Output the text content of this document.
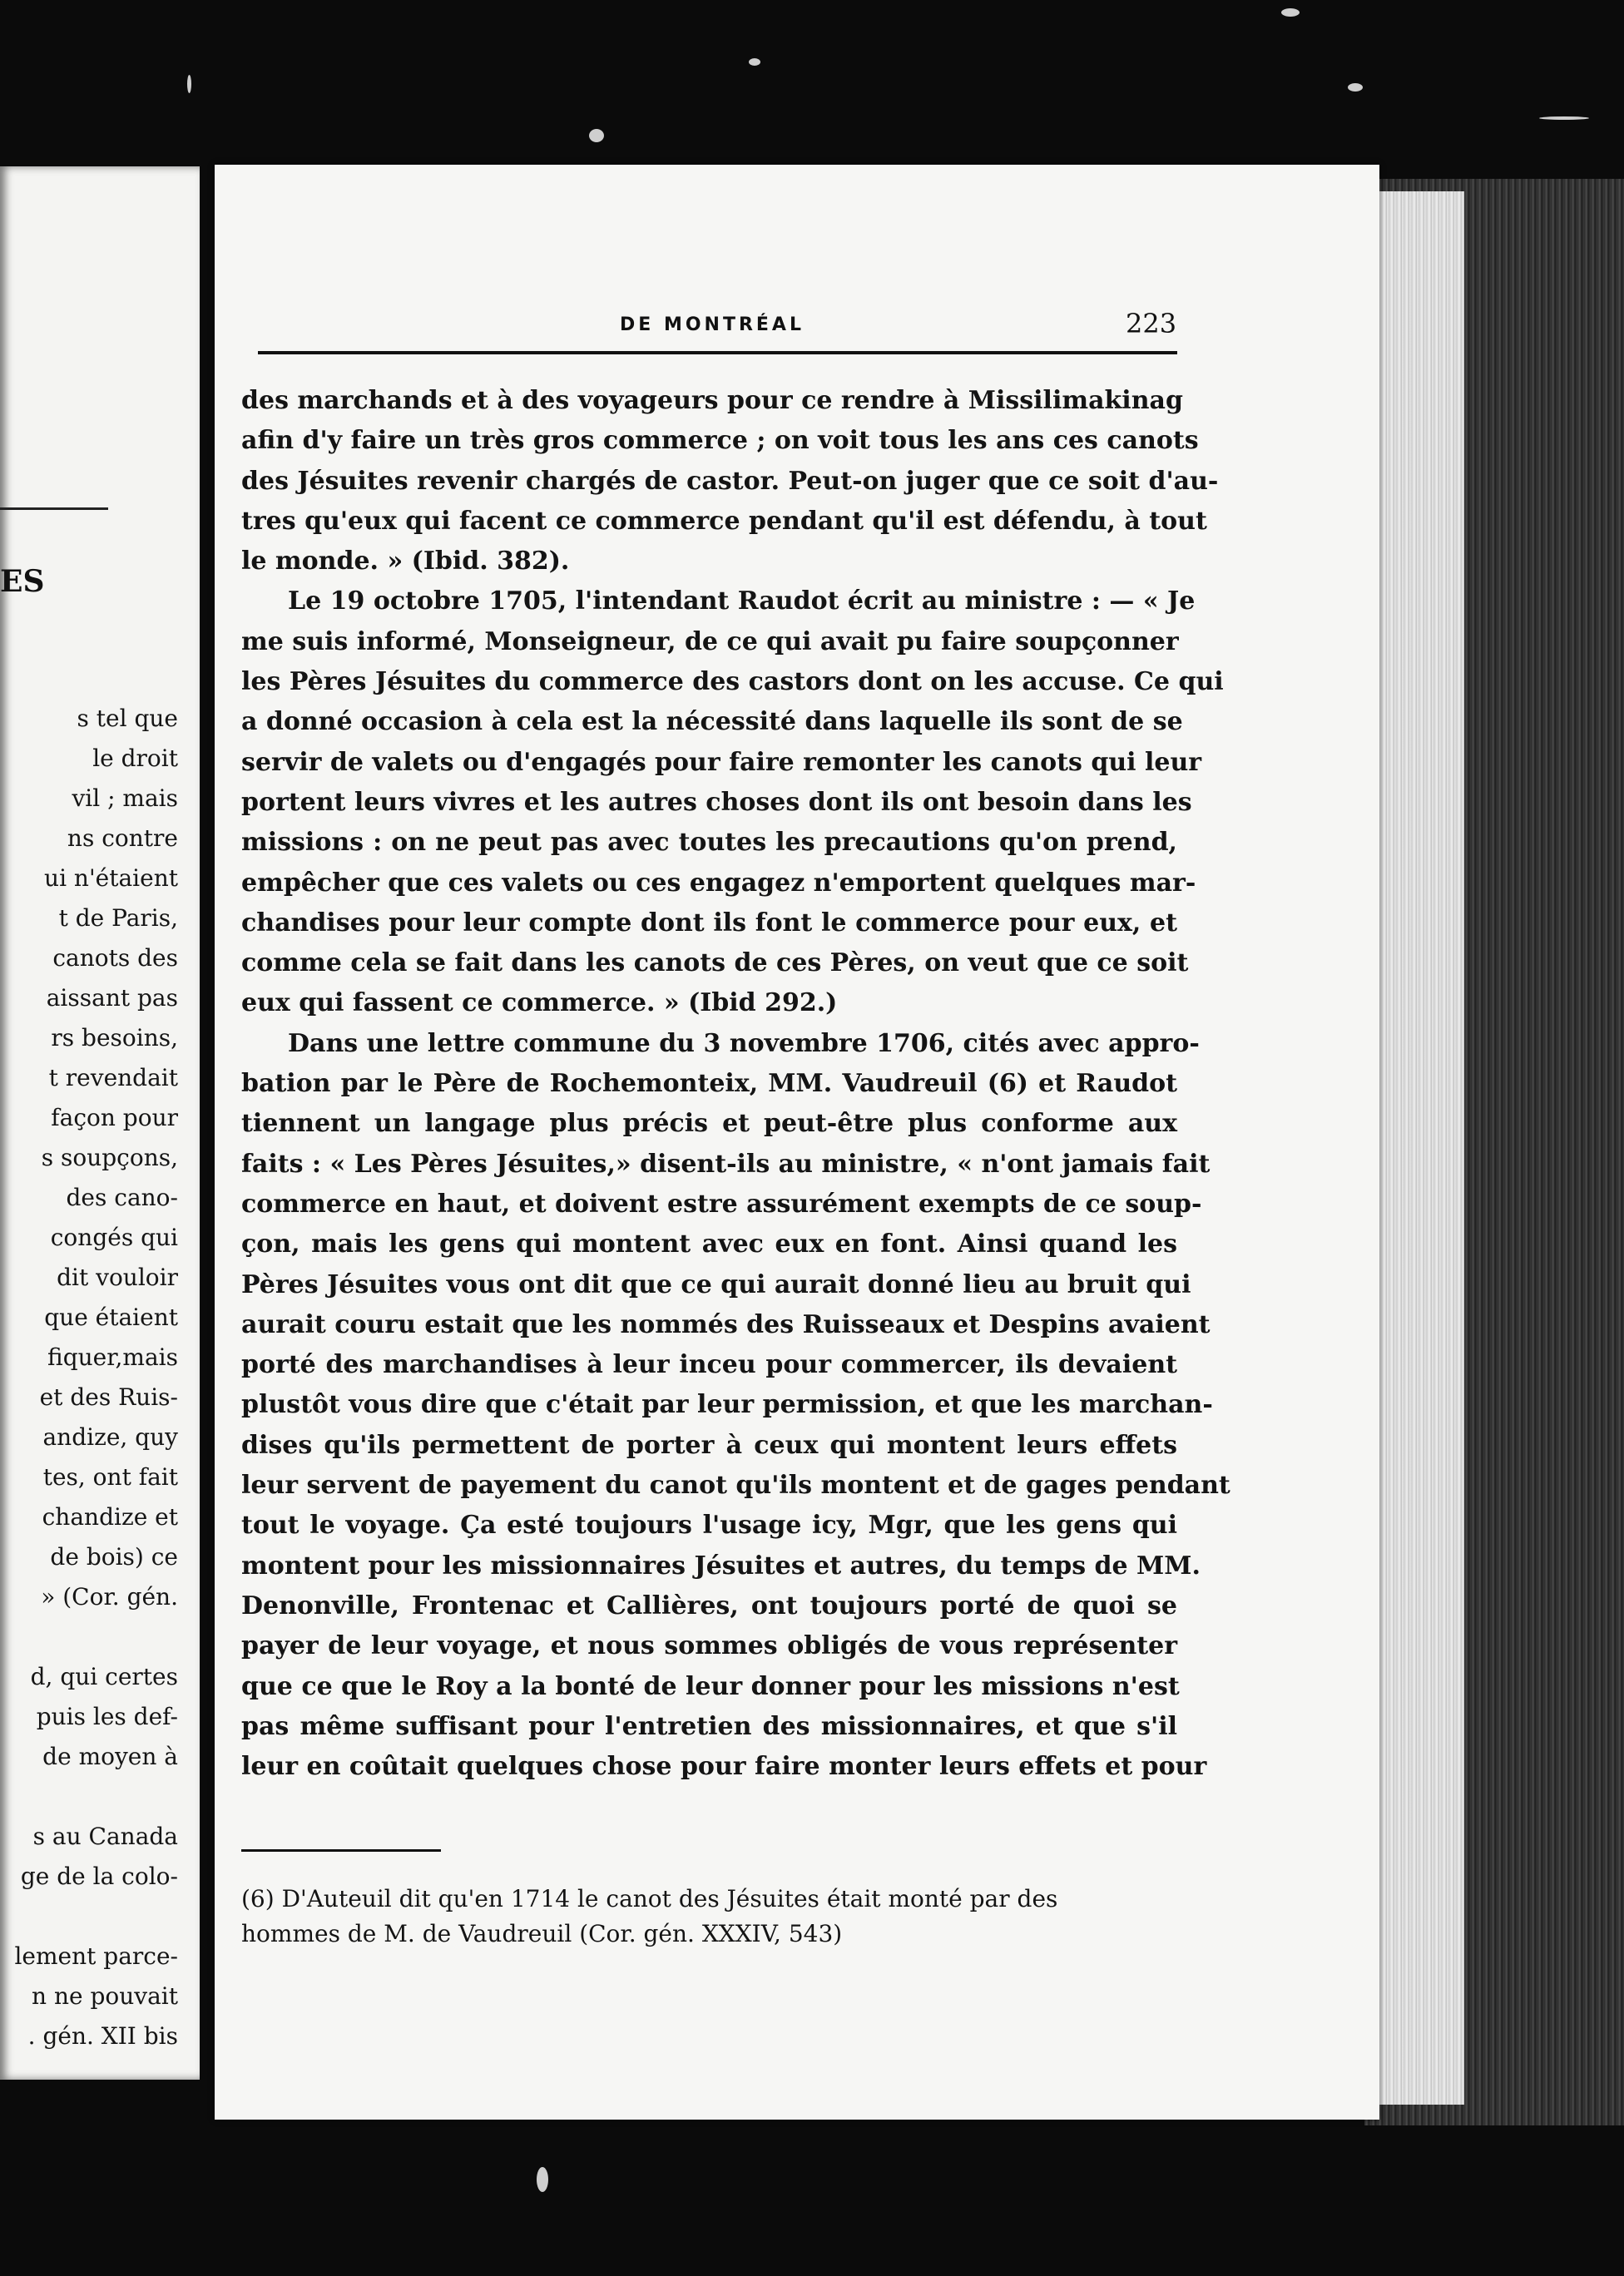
ES
s tel que
le droit
vil ; mais
ns contre
ui n'étaient
t de Paris,
canots des
aissant pas
rs besoins,
t revendait
façon pour
s soupçons,
des cano-
congés qui
dit vouloir
que étaient
fiquer,mais
et des Ruis-
andize, quy
tes, ont fait
chandize et
de bois) ce
» (Cor. gén.
d, qui certes
puis les def-
de moyen à
s au Canada
ge de la colo-
lement parce-
n ne pouvait
. gén. XII bis
DE MONTRÉAL	223
des marchands et à des voyageurs pour ce rendre à Missilimakinag
afin d'y faire un très gros commerce ; on voit tous les ans ces canots
des Jésuites revenir chargés de castor. Peut-on juger que ce soit d'au-
tres qu'eux qui facent ce commerce pendant qu'il est défendu, à tout
le monde. » (Ibid. 382).
Le 19 octobre 1705, l'intendant Raudot écrit au ministre : — « Je
me suis informé, Monseigneur, de ce qui avait pu faire soupçonner
les Pères Jésuites du commerce des castors dont on les accuse. Ce qui
a donné occasion à cela est la nécessité dans laquelle ils sont de se
servir de valets ou d'engagés pour faire remonter les canots qui leur
portent leurs vivres et les autres choses dont ils ont besoin dans les
missions : on ne peut pas avec toutes les precautions qu'on prend,
empêcher que ces valets ou ces engagez n'emportent quelques mar-
chandises pour leur compte dont ils font le commerce pour eux, et
comme cela se fait dans les canots de ces Pères, on veut que ce soit
eux qui fassent ce commerce. » (Ibid 292.)
Dans une lettre commune du 3 novembre 1706, cités avec appro-
bation par le Père de Rochemonteix, MM. Vaudreuil (6) et Raudot
tiennent un langage plus précis et peut-être plus conforme aux
faits : « Les Pères Jésuites,» disent-ils au ministre, « n'ont jamais fait
commerce en haut, et doivent estre assurément exempts de ce soup-
çon, mais les gens qui montent avec eux en font. Ainsi quand les
Pères Jésuites vous ont dit que ce qui aurait donné lieu au bruit qui
aurait couru estait que les nommés des Ruisseaux et Despins avaient
porté des marchandises à leur inceu pour commercer, ils devaient
plustôt vous dire que c'était par leur permission, et que les marchan-
dises qu'ils permettent de porter à ceux qui montent leurs effets
leur servent de payement du canot qu'ils montent et de gages pendant
tout le voyage. Ça esté toujours l'usage icy, Mgr, que les gens qui
montent pour les missionnaires Jésuites et autres, du temps de MM.
Denonville, Frontenac et Callières, ont toujours porté de quoi se
payer de leur voyage, et nous sommes obligés de vous représenter
que ce que le Roy a la bonté de leur donner pour les missions n'est
pas même suffisant pour l'entretien des missionnaires, et que s'il
leur en coûtait quelques chose pour faire monter leurs effets et pour
(6) D'Auteuil dit qu'en 1714 le canot des Jésuites était monté par des
hommes de M. de Vaudreuil (Cor. gén. XXXIV, 543)
